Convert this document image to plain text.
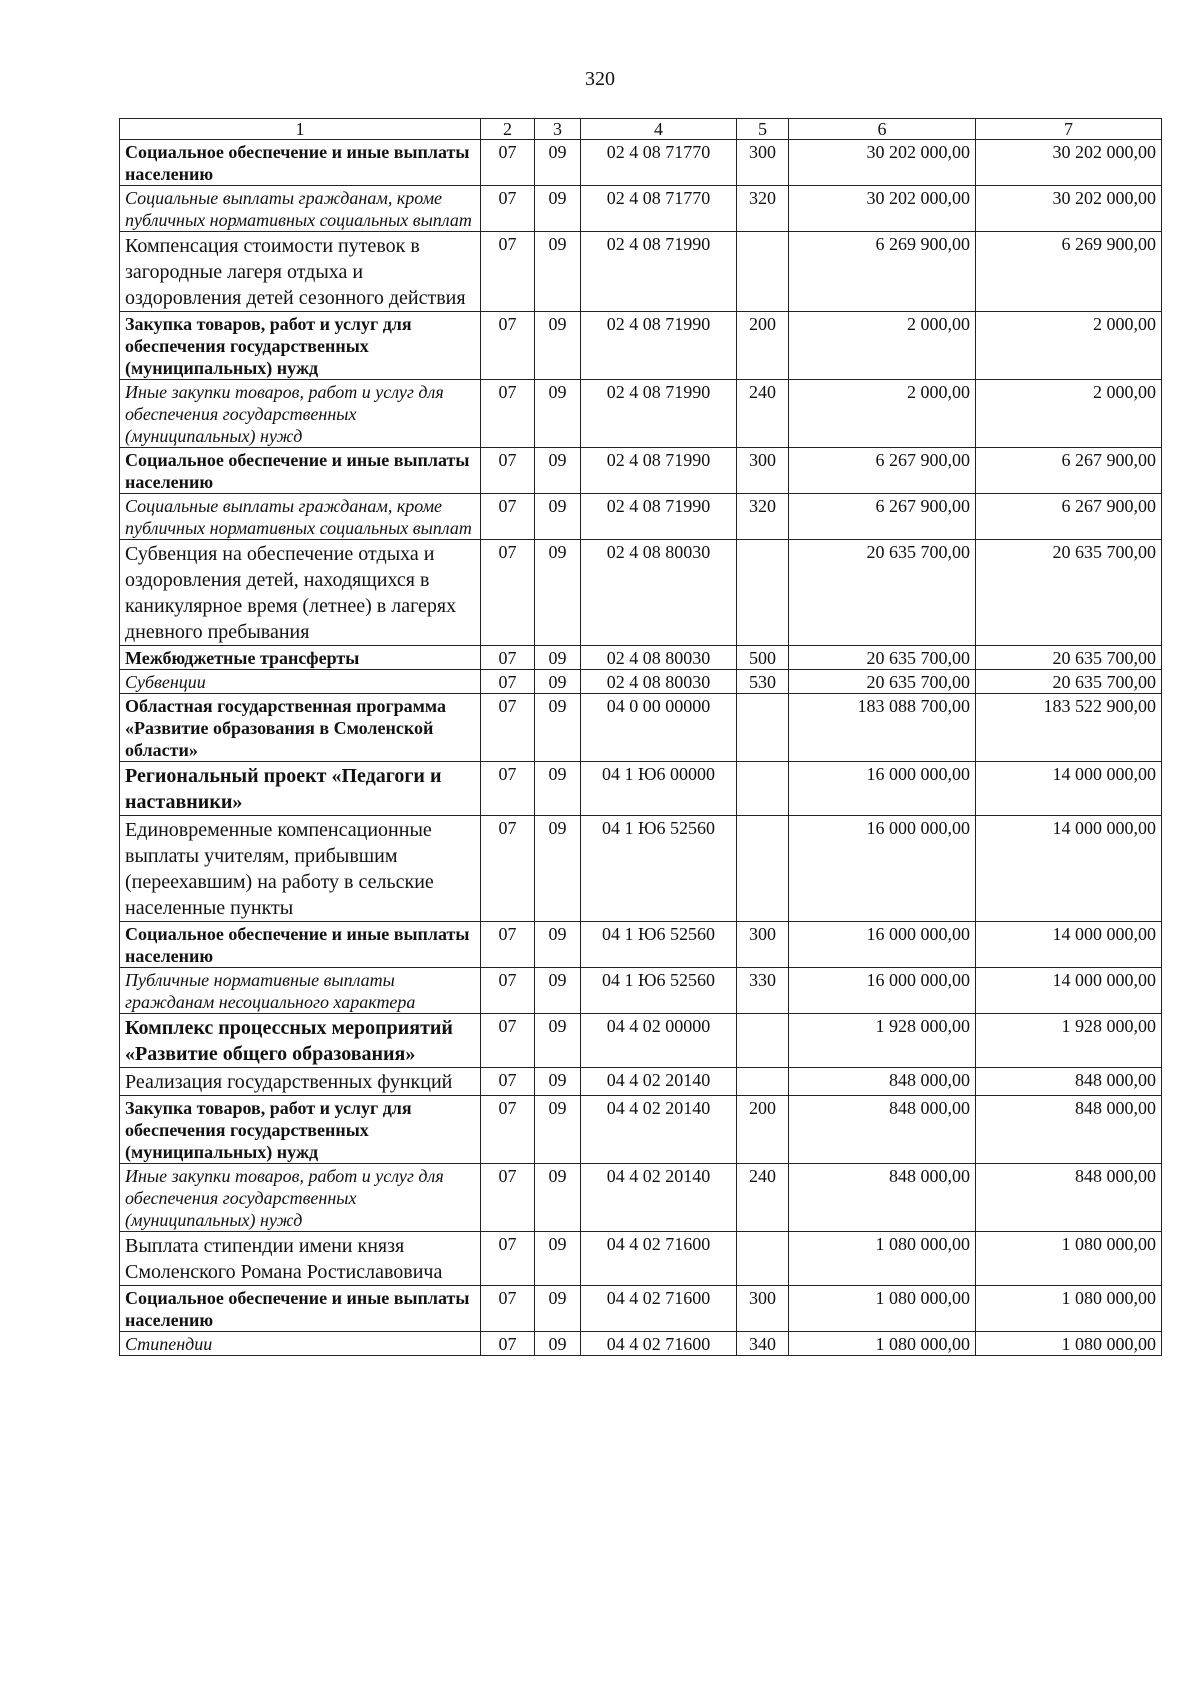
320
1	2	3	4	5	6	7
Социальное обеспечение и иные выплаты населению	07	09	02 4 08 71770	300	30 202 000,00	30 202 000,00
Социальные выплаты гражданам, кроме публичных нормативных социальных выплат	07	09	02 4 08 71770	320	30 202 000,00	30 202 000,00
Компенсация стоимости путевок в загородные лагеря отдыха и оздоровления детей сезонного действия	07	09	02 4 08 71990		6 269 900,00	6 269 900,00
Закупка товаров, работ и услуг для обеспечения государственных (муниципальных) нужд	07	09	02 4 08 71990	200	2 000,00	2 000,00
Иные закупки товаров, работ и услуг для обеспечения государственных (муниципальных) нужд	07	09	02 4 08 71990	240	2 000,00	2 000,00
Социальное обеспечение и иные выплаты населению	07	09	02 4 08 71990	300	6 267 900,00	6 267 900,00
Социальные выплаты гражданам, кроме публичных нормативных социальных выплат	07	09	02 4 08 71990	320	6 267 900,00	6 267 900,00
Субвенция на обеспечение отдыха и оздоровления детей, находящихся в каникулярное время (летнее) в лагерях дневного пребывания	07	09	02 4 08 80030		20 635 700,00	20 635 700,00
Межбюджетные трансферты	07	09	02 4 08 80030	500	20 635 700,00	20 635 700,00
Субвенции	07	09	02 4 08 80030	530	20 635 700,00	20 635 700,00
Областная государственная программа «Развитие образования в Смоленской области»	07	09	04 0 00 00000		183 088 700,00	183 522 900,00
Региональный проект «Педагоги и наставники»	07	09	04 1 Ю6 00000		16 000 000,00	14 000 000,00
Единовременные компенсационные выплаты учителям, прибывшим (переехавшим) на работу в сельские населенные пункты	07	09	04 1 Ю6 52560		16 000 000,00	14 000 000,00
Социальное обеспечение и иные выплаты населению	07	09	04 1 Ю6 52560	300	16 000 000,00	14 000 000,00
Публичные нормативные выплаты гражданам несоциального характера	07	09	04 1 Ю6 52560	330	16 000 000,00	14 000 000,00
Комплекс процессных мероприятий «Развитие общего образования»	07	09	04 4 02 00000		1 928 000,00	1 928 000,00
Реализация государственных функций	07	09	04 4 02 20140		848 000,00	848 000,00
Закупка товаров, работ и услуг для обеспечения государственных (муниципальных) нужд	07	09	04 4 02 20140	200	848 000,00	848 000,00
Иные закупки товаров, работ и услуг для обеспечения государственных (муниципальных) нужд	07	09	04 4 02 20140	240	848 000,00	848 000,00
Выплата стипендии имени князя Смоленского Романа Ростиславовича	07	09	04 4 02 71600		1 080 000,00	1 080 000,00
Социальное обеспечение и иные выплаты населению	07	09	04 4 02 71600	300	1 080 000,00	1 080 000,00
Стипендии	07	09	04 4 02 71600	340	1 080 000,00	1 080 000,00
